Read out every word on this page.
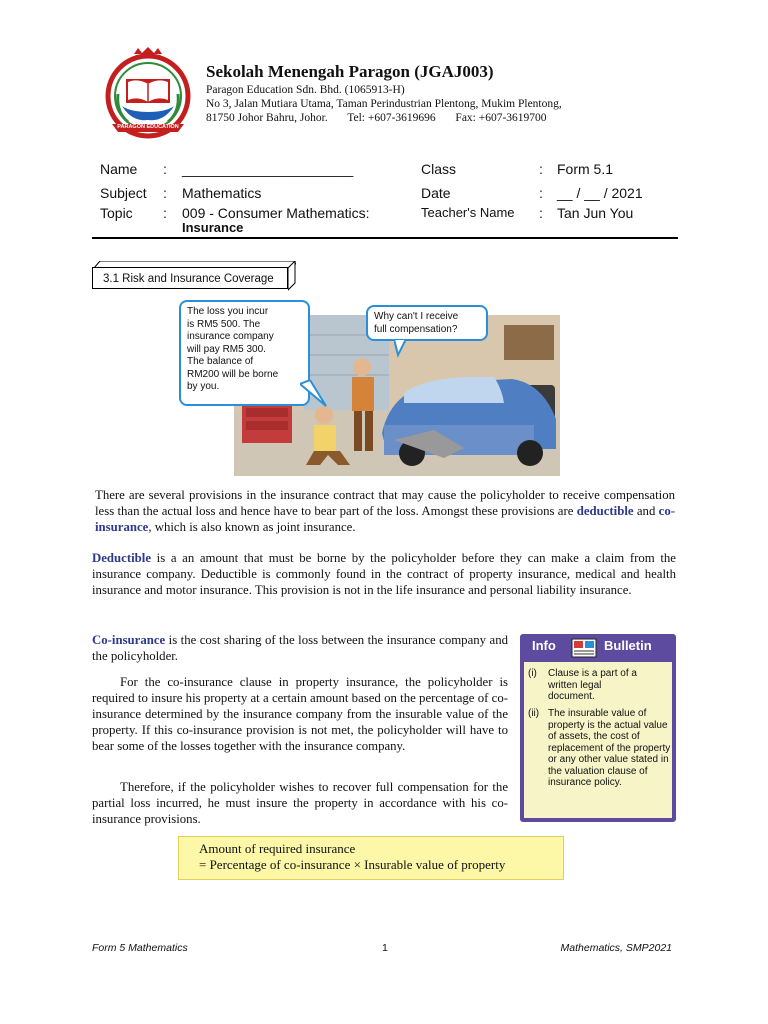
PARAGON EDUCATION
Sekolah Menengah Paragon (JGAJ003)
Paragon Education Sdn. Bhd. (1065913-H)
No 3, Jalan Mutiara Utama, Taman Perindustrian Plentong, Mukim Plentong,
81750 Johor Bahru, Johor. Tel: +607-3619696 Fax: +607-3619700
Name : ______________________	Class	: Form 5.1
Subject : Mathematics	Date	: __ / __ / 2021
Topic : 009 - Consumer Mathematics:
Insurance
Teacher's Name : Tan Jun You
3.1 Risk and Insurance Coverage
The loss you incur
is RM5 500. The
insurance company
will pay RM5 300.
The balance of
RM200 will be borne
by you.
Why can't I receive
full compensation?
There are several provisions in the insurance contract that may cause the policyholder to receive compensation less than the actual loss and hence have to bear part of the loss. Amongst these provisions are deductible and co-insurance, which is also known as joint insurance.
Deductible is a an amount that must be borne by the policyholder before they can make a claim from the insurance company. Deductible is commonly found in the contract of property insurance, medical and health insurance and motor insurance. This provision is not in the life insurance and personal liability insurance.
Co-insurance is the cost sharing of the loss between the insurance company and the policyholder.
For the co-insurance clause in property insurance, the policyholder is required to insure his property at a certain amount based on the percentage of co-insurance determined by the insurance company from the insurable value of the property. If this co-insurance provision is not met, the policyholder will have to bear some of the losses together with the insurance company.
Therefore, if the policyholder wishes to recover full compensation for the partial loss incurred, he must insure the property in accordance with his co-insurance provisions.
Info	Bulletin
(i) Clause is a part of a written legal document.
(ii) The insurable value of property is the actual value of assets, the cost of replacement of the property or any other value stated in the valuation clause of insurance policy.
Amount of required insurance
= Percentage of co-insurance × Insurable value of property
Form 5 Mathematics	1	Mathematics, SMP2021
